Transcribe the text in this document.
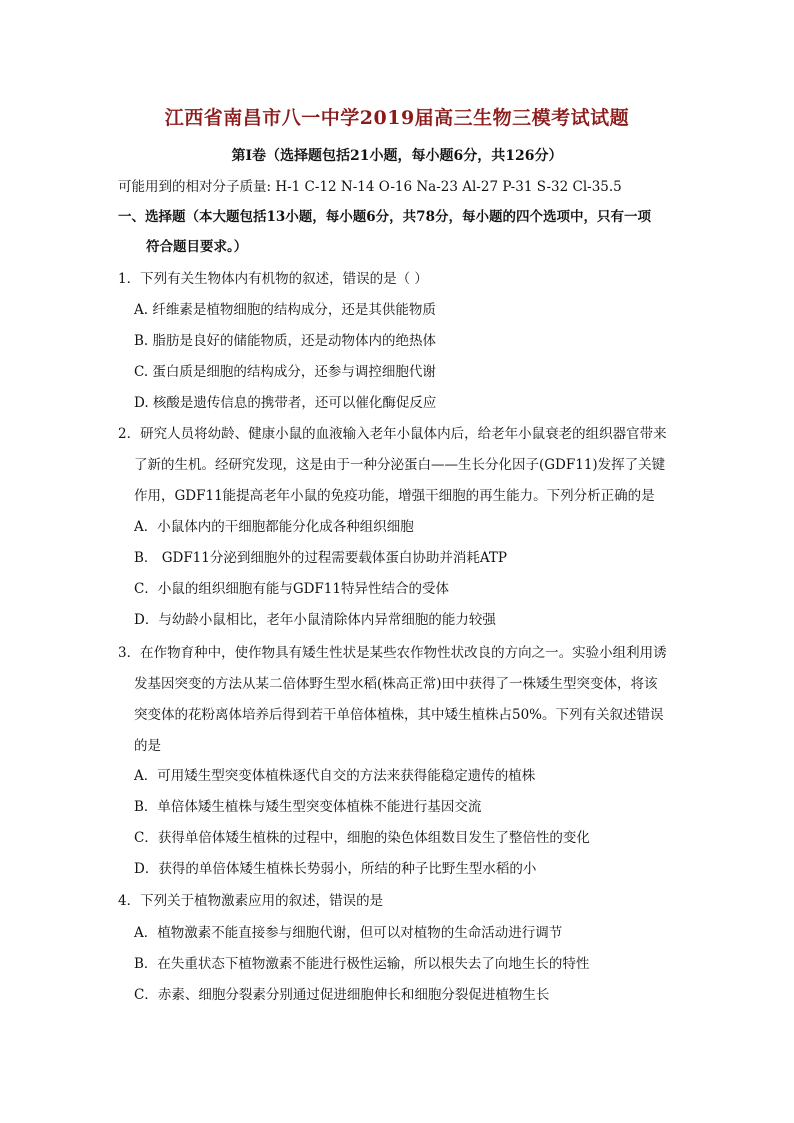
江西省南昌市八一中学2019届高三生物三模考试试题
第Ⅰ卷（选择题包括21小题，每小题6分，共126分）
可能用到的相对分子质量: H-1 C-12 N-14 O-16 Na-23 Al-27 P-31 S-32 Cl-35.5
一、选择题（本大题包括13小题，每小题6分，共78分，每小题的四个选项中，只有一项
符合题目要求。）
1．下列有关生物体内有机物的叙述，错误的是（ ）
A. 纤维素是植物细胞的结构成分，还是其供能物质
B. 脂肪是良好的储能物质，还是动物体内的绝热体
C. 蛋白质是细胞的结构成分，还参与调控细胞代谢
D. 核酸是遗传信息的携带者，还可以催化酶促反应
2．研究人员将幼龄、健康小鼠的血液输入老年小鼠体内后，给老年小鼠衰老的组织器官带来
了新的生机。经研究发现，这是由于一种分泌蛋白——生长分化因子(GDF11)发挥了关键
作用，GDF11能提高老年小鼠的免疫功能，增强干细胞的再生能力。下列分析正确的是
A．小鼠体内的干细胞都能分化成各种组织细胞
B． GDF11分泌到细胞外的过程需要载体蛋白协助并消耗ATP
C．小鼠的组织细胞有能与GDF11特异性结合的受体
D．与幼龄小鼠相比，老年小鼠清除体内异常细胞的能力较强
3．在作物育种中，使作物具有矮生性状是某些农作物性状改良的方向之一。实验小组利用诱
发基因突变的方法从某二倍体野生型水稻(株高正常)田中获得了一株矮生型突变体，将该
突变体的花粉离体培养后得到若干单倍体植株，其中矮生植株占50%。下列有关叙述错误
的是
A．可用矮生型突变体植株逐代自交的方法来获得能稳定遗传的植株
B．单倍体矮生植株与矮生型突变体植株不能进行基因交流
C．获得单倍体矮生植株的过程中，细胞的染色体组数目发生了整倍性的变化
D．获得的单倍体矮生植株长势弱小，所结的种子比野生型水稻的小
4．下列关于植物激素应用的叙述，错误的是
A．植物激素不能直接参与细胞代谢，但可以对植物的生命活动进行调节
B．在失重状态下植物激素不能进行极性运输，所以根失去了向地生长的特性
C．赤素、细胞分裂素分别通过促进细胞伸长和细胞分裂促进植物生长
